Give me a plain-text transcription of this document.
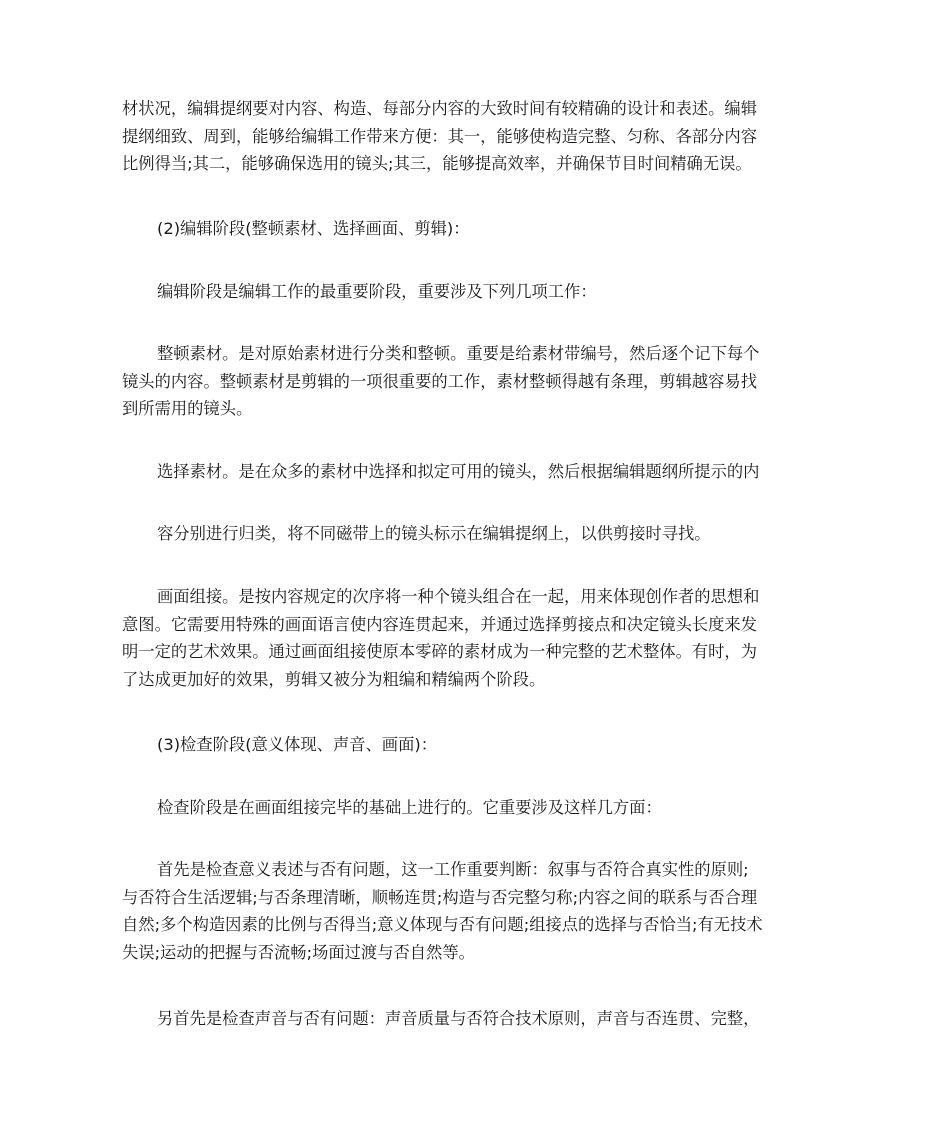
材状况，编辑提纲要对内容、构造、每部分内容的大致时间有较精确的设计和表述。编辑
提纲细致、周到，能够给编辑工作带来方便：其一，能够使构造完整、匀称、各部分内容
比例得当;其二，能够确保选用的镜头;其三，能够提高效率，并确保节目时间精确无误。
(2)编辑阶段(整顿素材、选择画面、剪辑)：
编辑阶段是编辑工作的最重要阶段，重要涉及下列几项工作：
整顿素材。是对原始素材进行分类和整顿。重要是给素材带编号，然后逐个记下每个
镜头的内容。整顿素材是剪辑的一项很重要的工作，素材整顿得越有条理，剪辑越容易找
到所需用的镜头。
选择素材。是在众多的素材中选择和拟定可用的镜头，然后根据编辑题纲所提示的内
容分别进行归类，将不同磁带上的镜头标示在编辑提纲上，以供剪接时寻找。
画面组接。是按内容规定的次序将一种个镜头组合在一起，用来体现创作者的思想和
意图。它需要用特殊的画面语言使内容连贯起来，并通过选择剪接点和决定镜头长度来发
明一定的艺术效果。通过画面组接使原本零碎的素材成为一种完整的艺术整体。有时，为
了达成更加好的效果，剪辑又被分为粗编和精编两个阶段。
(3)检查阶段(意义体现、声音、画面)：
检查阶段是在画面组接完毕的基础上进行的。它重要涉及这样几方面：
首先是检查意义表述与否有问题，这一工作重要判断：叙事与否符合真实性的原则;
与否符合生活逻辑;与否条理清晰，顺畅连贯;构造与否完整匀称;内容之间的联系与否合理
自然;多个构造因素的比例与否得当;意义体现与否有问题;组接点的选择与否恰当;有无技术
失误;运动的把握与否流畅;场面过渡与否自然等。
另首先是检查声音与否有问题：声音质量与否符合技术原则，声音与否连贯、完整，
